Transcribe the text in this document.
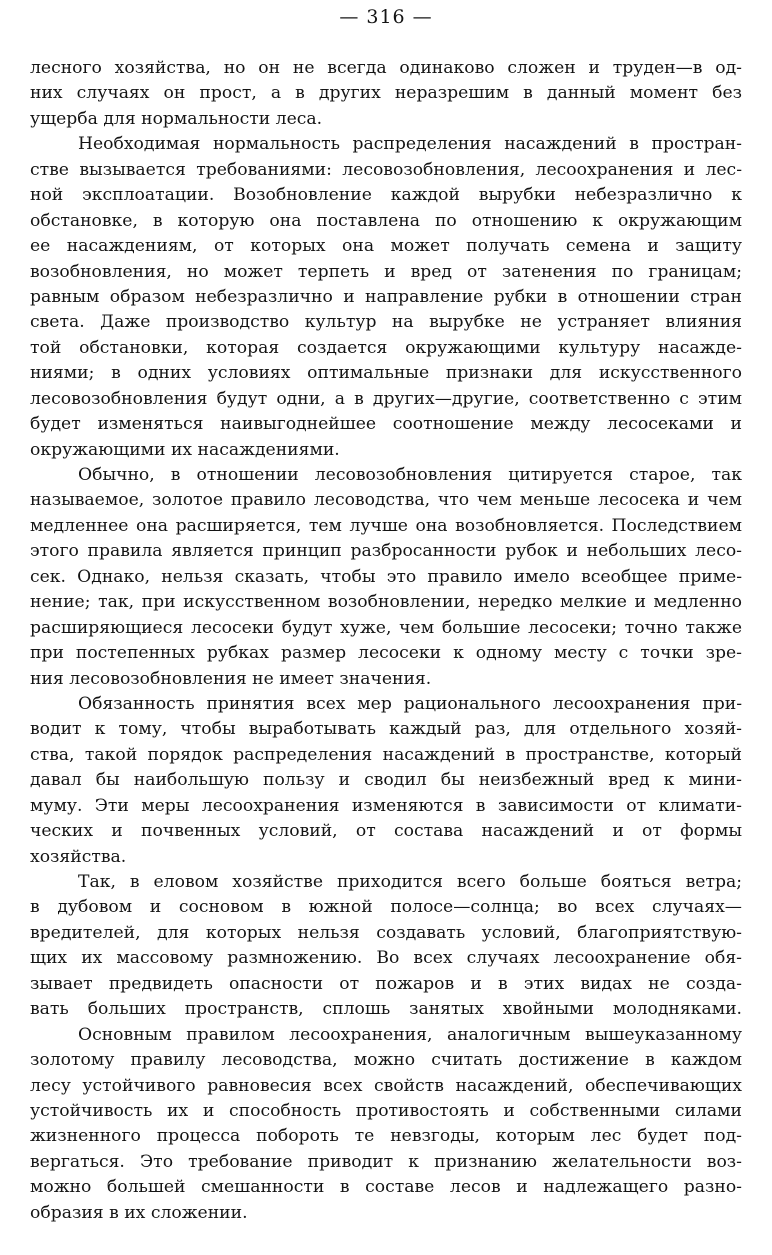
— 316 —
лесного хозяйства, но он не всегда одинаково сложен и труден—в од-
них случаях он прост, а в других неразрешим в данный момент без
ущерба для нормальности леса.
Необходимая нормальность распределения насаждений в простран-
стве вызывается требованиями: лесовозобновления, лесоохранения и лес-
ной эксплоатации. Возобновление каждой вырубки небезразлично к
обстановке, в которую она поставлена по отношению к окружающим
ее насаждениям, от которых она может получать семена и защиту
возобновления, но может терпеть и вред от затенения по границам;
равным образом небезразлично и направление рубки в отношении стран
света. Даже производство культур на вырубке не устраняет влияния
той обстановки, которая создается окружающими культуру насажде-
ниями; в одних условиях оптимальные признаки для искусственного
лесовозобновления будут одни, а в других—другие, соответственно с этим
будет изменяться наивыгоднейшее соотношение между лесосеками и
окружающими их насаждениями.
Обычно, в отношении лесовозобновления цитируется старое, так
называемое, золотое правило лесоводства, что чем меньше лесосека и чем
медленнее она расширяется, тем лучше она возобновляется. Последствием
этого правила является принцип разбросанности рубок и небольших лесо-
сек. Однако, нельзя сказать, чтобы это правило имело всеобщее приме-
нение; так, при искусственном возобновлении, нередко мелкие и медленно
расширяющиеся лесосеки будут хуже, чем большие лесосеки; точно также
при постепенных рубках размер лесосеки к одному месту с точки зре-
ния лесовозобновления не имеет значения.
Обязанность принятия всех мер рационального лесоохранения при-
водит к тому, чтобы выработывать каждый раз, для отдельного хозяй-
ства, такой порядок распределения насаждений в пространстве, который
давал бы наибольшую пользу и сводил бы неизбежный вред к мини-
муму. Эти меры лесоохранения изменяются в зависимости от климати-
ческих и почвенных условий, от состава насаждений и от формы
хозяйства.
Так, в еловом хозяйстве приходится всего больше бояться ветра;
в дубовом и сосновом в южной полосе—солнца; во всех случаях—
вредителей, для которых нельзя создавать условий, благоприятствую-
щих их массовому размножению. Во всех случаях лесоохранение обя-
зывает предвидеть опасности от пожаров и в этих видах не созда-
вать больших пространств, сплошь занятых хвойными молодняками.
Основным правилом лесоохранения, аналогичным вышеуказанному
золотому правилу лесоводства, можно считать достижение в каждом
лесу устойчивого равновесия всех свойств насаждений, обеспечивающих
устойчивость их и способность противостоять и собственными силами
жизненного процесса побороть те невзгоды, которым лес будет под-
вергаться. Это требование приводит к признанию желательности воз-
можно большей смешанности в составе лесов и надлежащего разно-
образия в их сложении.
